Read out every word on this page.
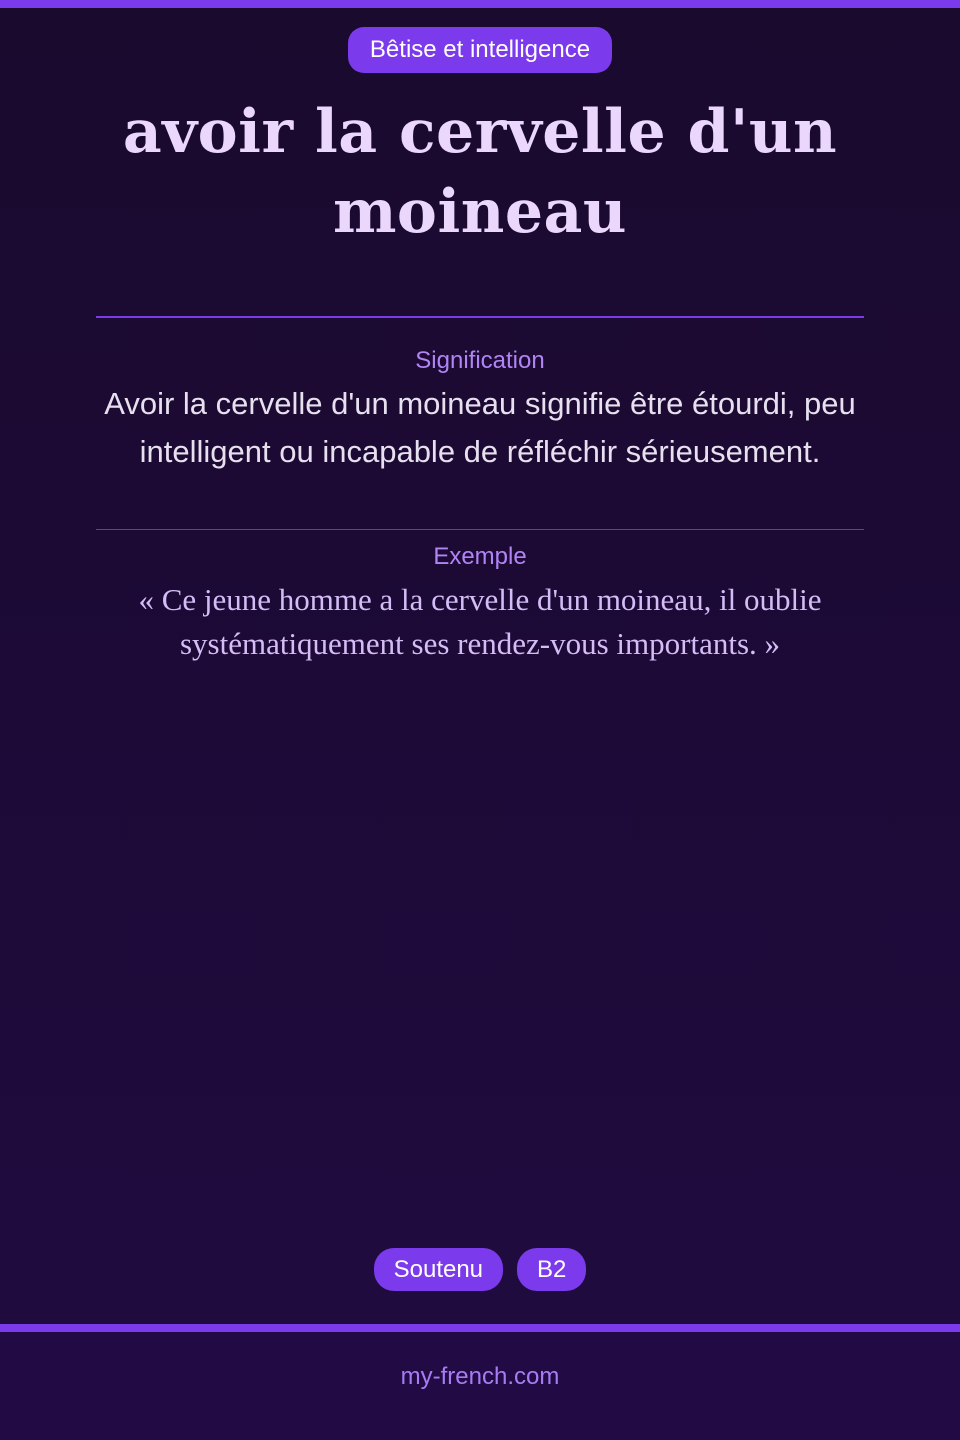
Bêtise et intelligence
avoir la cervelle d'un moineau
Signification
Avoir la cervelle d'un moineau signifie être étourdi, peu intelligent ou incapable de réfléchir sérieusement.
Exemple
« Ce jeune homme a la cervelle d'un moineau, il oublie systématiquement ses rendez-vous importants. »
Soutenu	B2
my-french.com
